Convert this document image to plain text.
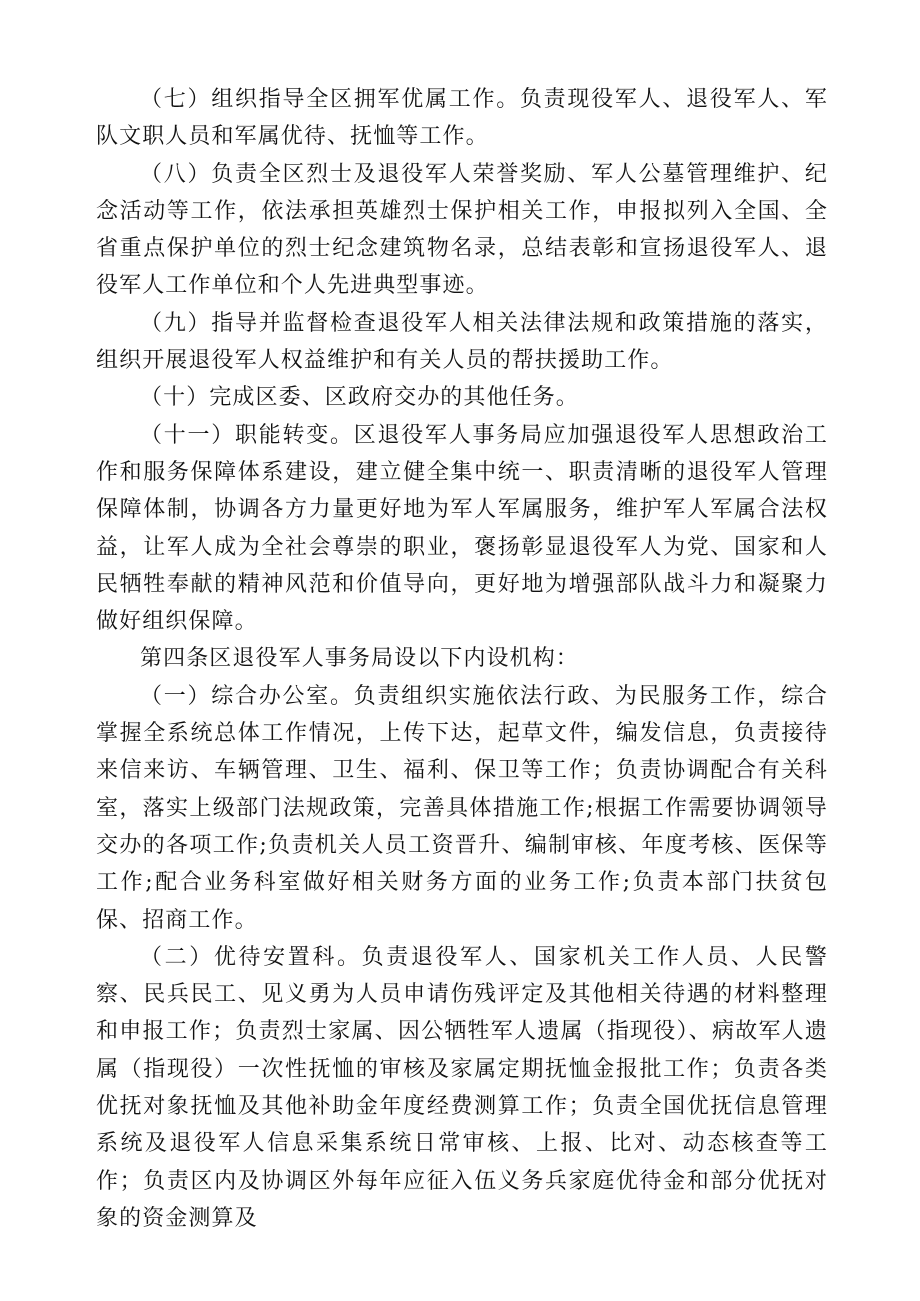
（七）组织指导全区拥军优属工作。负责现役军人、退役军人、军队文职人员和军属优待、抚恤等工作。

（八）负责全区烈士及退役军人荣誉奖励、军人公墓管理维护、纪念活动等工作，依法承担英雄烈士保护相关工作，申报拟列入全国、全省重点保护单位的烈士纪念建筑物名录，总结表彰和宣扬退役军人、退役军人工作单位和个人先进典型事迹。

（九）指导并监督检查退役军人相关法律法规和政策措施的落实，组织开展退役军人权益维护和有关人员的帮扶援助工作。

（十）完成区委、区政府交办的其他任务。

（十一）职能转变。区退役军人事务局应加强退役军人思想政治工作和服务保障体系建设，建立健全集中统一、职责清晰的退役军人管理保障体制，协调各方力量更好地为军人军属服务，维护军人军属合法权益，让军人成为全社会尊崇的职业，褒扬彰显退役军人为党、国家和人民牺牲奉献的精神风范和价值导向，更好地为增强部队战斗力和凝聚力做好组织保障。

第四条区退役军人事务局设以下内设机构：

（一）综合办公室。负责组织实施依法行政、为民服务工作，综合掌握全系统总体工作情况，上传下达，起草文件，编发信息，负责接待来信来访、车辆管理、卫生、福利、保卫等工作；负责协调配合有关科室，落实上级部门法规政策，完善具体措施工作;根据工作需要协调领导交办的各项工作;负责机关人员工资晋升、编制审核、年度考核、医保等工作;配合业务科室做好相关财务方面的业务工作;负责本部门扶贫包保、招商工作。

（二）优待安置科。负责退役军人、国家机关工作人员、人民警察、民兵民工、见义勇为人员申请伤残评定及其他相关待遇的材料整理和申报工作；负责烈士家属、因公牺牲军人遗属（指现役）、病故军人遗属（指现役）一次性抚恤的审核及家属定期抚恤金报批工作；负责各类优抚对象抚恤及其他补助金年度经费测算工作；负责全国优抚信息管理系统及退役军人信息采集系统日常审核、上报、比对、动态核查等工作；负责区内及协调区外每年应征入伍义务兵家庭优待金和部分优抚对象的资金测算及
